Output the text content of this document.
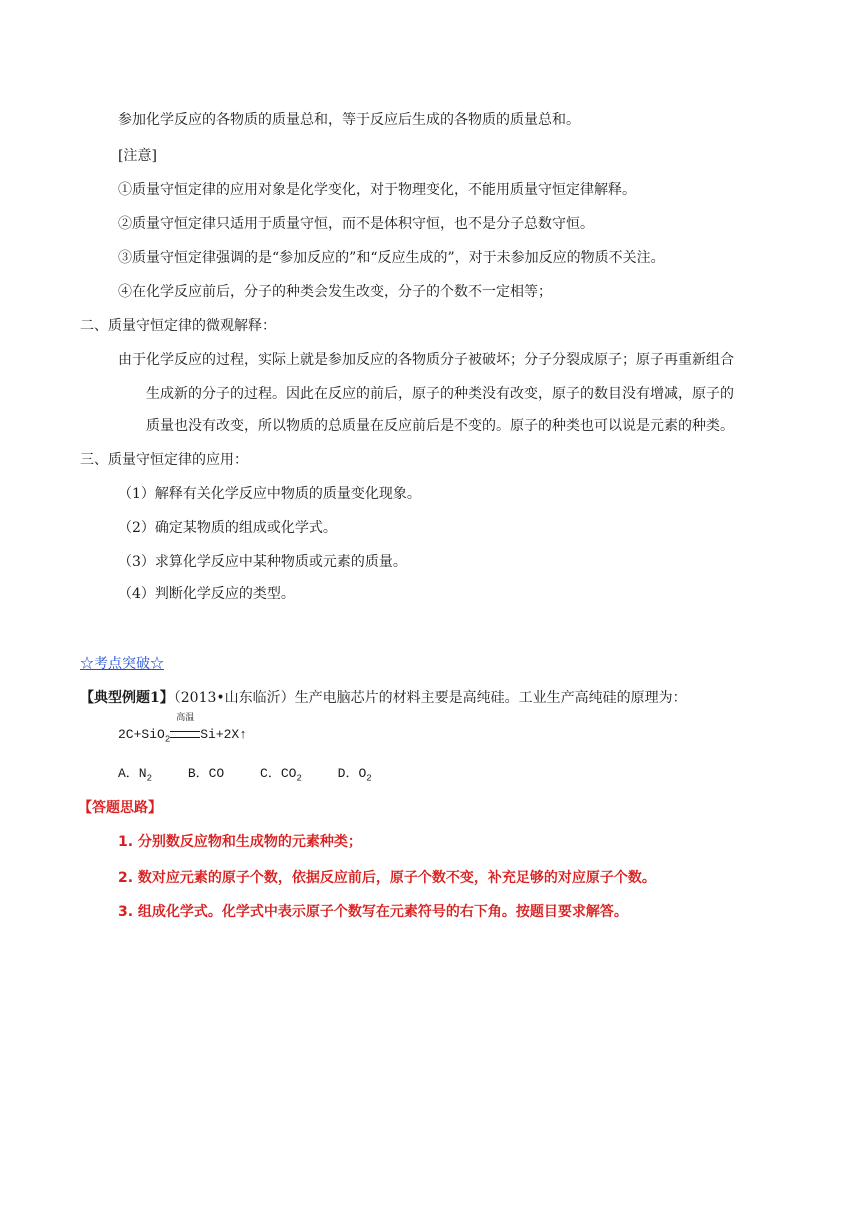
参加化学反应的各物质的质量总和，等于反应后生成的各物质的质量总和。
[注意]
①质量守恒定律的应用对象是化学变化，对于物理变化，不能用质量守恒定律解释。
②质量守恒定律只适用于质量守恒，而不是体积守恒，也不是分子总数守恒。
③质量守恒定律强调的是“参加反应的”和“反应生成的”，对于未参加反应的物质不关注。
④在化学反应前后，分子的种类会发生改变，分子的个数不一定相等；
二、质量守恒定律的微观解释：
由于化学反应的过程，实际上就是参加反应的各物质分子被破坏；分子分裂成原子；原子再重新组合
生成新的分子的过程。因此在反应的前后，原子的种类没有改变，原子的数目没有增减，原子的
质量也没有改变，所以物质的总质量在反应前后是不变的。原子的种类也可以说是元素的种类。
三、质量守恒定律的应用：
（1）解释有关化学反应中物质的质量变化现象。
（2）确定某物质的组成或化学式。
（3）求算化学反应中某种物质或元素的质量。
（4）判断化学反应的类型。
☆考点突破☆
【典型例题1】（2013•山东临沂）生产电脑芯片的材料主要是高纯硅。工业生产高纯硅的原理为：
2C+SiO$_2$
高温
Si+2X↑
A．$N_2$	B．CO	C．$CO_2$	D．$O_2$
【答题思路】
1. 分别数反应物和生成物的元素种类；
2. 数对应元素的原子个数，依据反应前后，原子个数不变，补充足够的对应原子个数。
3. 组成化学式。化学式中表示原子个数写在元素符号的右下角。按题目要求解答。
